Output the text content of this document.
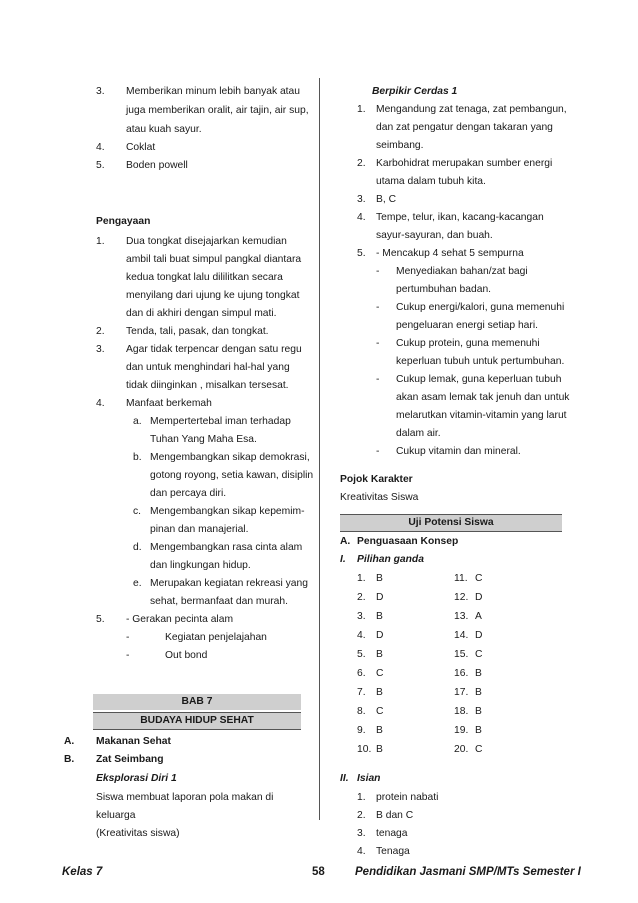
3. Memberikan minum lebih banyak atau
juga memberikan oralit, air tajin, air sup,
atau kuah sayur.
4. Coklat
5. Boden powell
Pengayaan
1. Dua tongkat disejajarkan kemudian
ambil tali buat simpul pangkal diantara
kedua tongkat lalu dililitkan secara
menyilang dari ujung ke ujung tongkat
dan di akhiri dengan simpul mati.
2. Tenda, tali, pasak, dan tongkat.
3. Agar tidak terpencar dengan satu regu
dan untuk menghindari hal-hal yang
tidak diinginkan , misalkan tersesat.
4. Manfaat berkemah
a. Mempertertebal iman terhadap
Tuhan Yang Maha Esa.
b. Mengembangkan sikap demokrasi,
gotong royong, setia kawan, disiplin
dan percaya diri.
c. Mengembangkan sikap kepemim-
pinan dan manajerial.
d. Mengembangkan rasa cinta alam
dan lingkungan hidup.
e. Merupakan kegiatan rekreasi yang
sehat, bermanfaat dan murah.
5. - Gerakan pecinta alam
-	Kegiatan penjelajahan
-	Out bond
BAB 7
BUDAYA HIDUP SEHAT
A. Makanan Sehat
B. Zat Seimbang
Eksplorasi Diri 1
Siswa membuat laporan pola makan di
keluarga
(Kreativitas siswa)
Berpikir Cerdas 1
1. Mengandung zat tenaga, zat pembangun,
dan zat pengatur dengan takaran yang
seimbang.
2. Karbohidrat merupakan sumber energi
utama dalam tubuh kita.
3. B, C
4. Tempe, telur, ikan, kacang-kacangan
sayur-sayuran, dan buah.
5. - Mencakup 4 sehat 5 sempurna
- Menyediakan bahan/zat bagi
pertumbuhan badan.
- Cukup energi/kalori, guna memenuhi
pengeluaran energi setiap hari.
- Cukup protein, guna memenuhi
keperluan tubuh untuk pertumbuhan.
- Cukup lemak, guna keperluan tubuh
akan asam lemak tak jenuh dan untuk
melarutkan vitamin-vitamin yang larut
dalam air.
- Cukup vitamin dan mineral.
Pojok Karakter
Kreativitas Siswa
Uji Potensi Siswa
A. Penguasaan Konsep
I. Pilihan ganda
1. B	11. C
2. D	12. D
3. B	13. A
4. D	14. D
5. B	15. C
6. C	16. B
7. B	17. B
8. C	18. B
9. B	19. B
10. B	20. C
II. Isian
1. protein nabati
2. B dan C
3. tenaga
4. Tenaga
Kelas 7	58	Pendidikan Jasmani SMP/MTs Semester I
